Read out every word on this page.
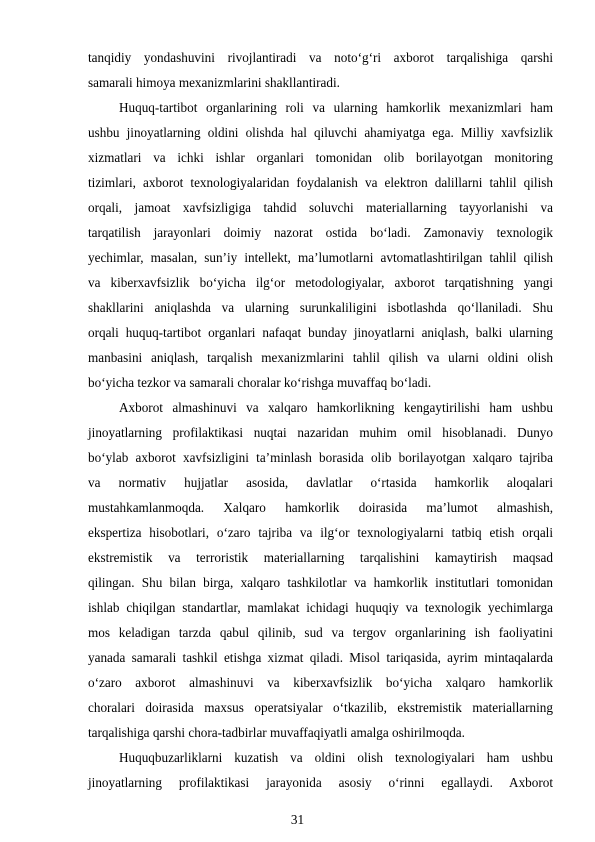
tanqidiy yondashuvini rivojlantiradi va noto‘g‘ri axborot tarqalishiga qarshi
samarali himoya mexanizmlarini shakllantiradi.
Huquq-tartibot organlarining roli va ularning hamkorlik mexanizmlari ham
ushbu jinoyatlarning oldini olishda hal qiluvchi ahamiyatga ega. Milliy xavfsizlik
xizmatlari va ichki ishlar organlari tomonidan olib borilayotgan monitoring
tizimlari, axborot texnologiyalaridan foydalanish va elektron dalillarni tahlil qilish
orqali, jamoat xavfsizligiga tahdid soluvchi materiallarning tayyorlanishi va
tarqatilish jarayonlari doimiy nazorat ostida bo‘ladi. Zamonaviy texnologik
yechimlar, masalan, sun’iy intellekt, ma’lumotlarni avtomatlashtirilgan tahlil qilish
va kiberxavfsizlik bo‘yicha ilg‘or metodologiyalar, axborot tarqatishning yangi
shakllarini aniqlashda va ularning surunkaliligini isbotlashda qo‘llaniladi. Shu
orqali huquq-tartibot organlari nafaqat bunday jinoyatlarni aniqlash, balki ularning
manbasini aniqlash, tarqalish mexanizmlarini tahlil qilish va ularni oldini olish
bo‘yicha tezkor va samarali choralar ko‘rishga muvaffaq bo‘ladi.
Axborot almashinuvi va xalqaro hamkorlikning kengaytirilishi ham ushbu
jinoyatlarning profilaktikasi nuqtai nazaridan muhim omil hisoblanadi. Dunyo
bo‘ylab axborot xavfsizligini ta’minlash borasida olib borilayotgan xalqaro tajriba
va normativ hujjatlar asosida, davlatlar o‘rtasida hamkorlik aloqalari
mustahkamlanmoqda. Xalqaro hamkorlik doirasida ma’lumot almashish,
ekspertiza hisobotlari, o‘zaro tajriba va ilg‘or texnologiyalarni tatbiq etish orqali
ekstremistik va terroristik materiallarning tarqalishini kamaytirish maqsad
qilingan. Shu bilan birga, xalqaro tashkilotlar va hamkorlik institutlari tomonidan
ishlab chiqilgan standartlar, mamlakat ichidagi huquqiy va texnologik yechimlarga
mos keladigan tarzda qabul qilinib, sud va tergov organlarining ish faoliyatini
yanada samarali tashkil etishga xizmat qiladi. Misol tariqasida, ayrim mintaqalarda
o‘zaro axborot almashinuvi va kiberxavfsizlik bo‘yicha xalqaro hamkorlik
choralari doirasida maxsus operatsiyalar o‘tkazilib, ekstremistik materiallarning
tarqalishiga qarshi chora-tadbirlar muvaffaqiyatli amalga oshirilmoqda.
Huquqbuzarliklarni kuzatish va oldini olish texnologiyalari ham ushbu
jinoyatlarning profilaktikasi jarayonida asosiy o‘rinni egallaydi. Axborot
31
